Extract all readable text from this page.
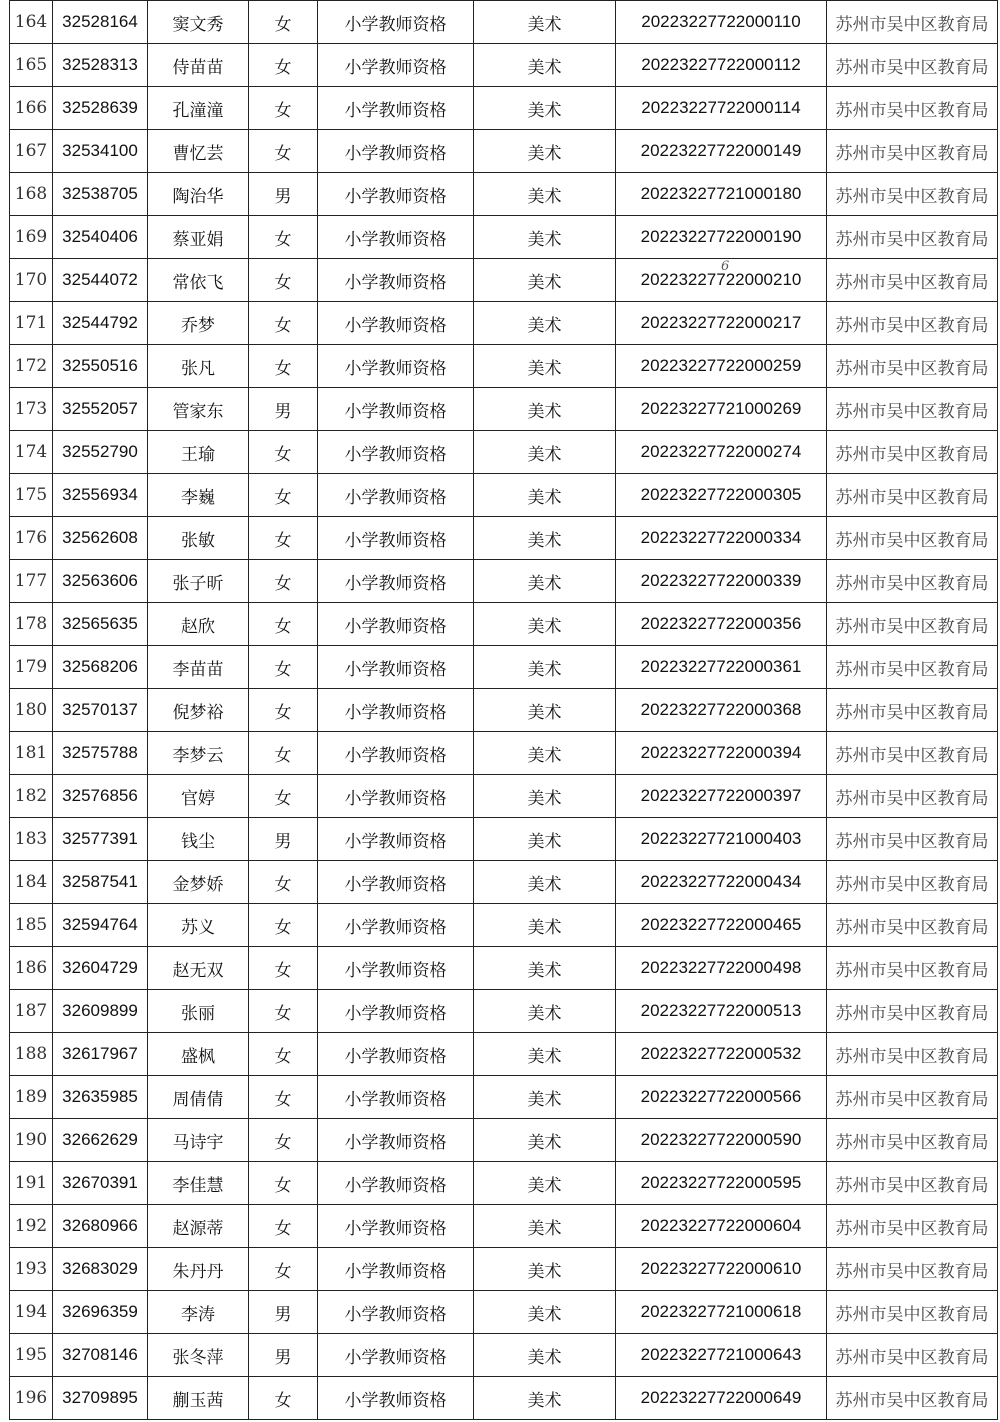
164	32528164	窦文秀	女	小学教师资格	美术	20223227722000110	苏州市吴中区教育局
165	32528313	侍苗苗	女	小学教师资格	美术	20223227722000112	苏州市吴中区教育局
166	32528639	孔潼潼	女	小学教师资格	美术	20223227722000114	苏州市吴中区教育局
167	32534100	曹忆芸	女	小学教师资格	美术	20223227722000149	苏州市吴中区教育局
168	32538705	陶治华	男	小学教师资格	美术	20223227721000180	苏州市吴中区教育局
169	32540406	蔡亚娟	女	小学教师资格	美术	20223227722000190	苏州市吴中区教育局
170	32544072	常依飞	女	小学教师资格	美术	20223227722000210	苏州市吴中区教育局
171	32544792	乔梦	女	小学教师资格	美术	20223227722000217	苏州市吴中区教育局
172	32550516	张凡	女	小学教师资格	美术	20223227722000259	苏州市吴中区教育局
173	32552057	管家东	男	小学教师资格	美术	20223227721000269	苏州市吴中区教育局
174	32552790	王瑜	女	小学教师资格	美术	20223227722000274	苏州市吴中区教育局
175	32556934	李巍	女	小学教师资格	美术	20223227722000305	苏州市吴中区教育局
176	32562608	张敏	女	小学教师资格	美术	20223227722000334	苏州市吴中区教育局
177	32563606	张子昕	女	小学教师资格	美术	20223227722000339	苏州市吴中区教育局
178	32565635	赵欣	女	小学教师资格	美术	20223227722000356	苏州市吴中区教育局
179	32568206	李苗苗	女	小学教师资格	美术	20223227722000361	苏州市吴中区教育局
180	32570137	倪梦裕	女	小学教师资格	美术	20223227722000368	苏州市吴中区教育局
181	32575788	李梦云	女	小学教师资格	美术	20223227722000394	苏州市吴中区教育局
182	32576856	官婷	女	小学教师资格	美术	20223227722000397	苏州市吴中区教育局
183	32577391	钱尘	男	小学教师资格	美术	20223227721000403	苏州市吴中区教育局
184	32587541	金梦娇	女	小学教师资格	美术	20223227722000434	苏州市吴中区教育局
185	32594764	苏义	女	小学教师资格	美术	20223227722000465	苏州市吴中区教育局
186	32604729	赵无双	女	小学教师资格	美术	20223227722000498	苏州市吴中区教育局
187	32609899	张丽	女	小学教师资格	美术	20223227722000513	苏州市吴中区教育局
188	32617967	盛枫	女	小学教师资格	美术	20223227722000532	苏州市吴中区教育局
189	32635985	周倩倩	女	小学教师资格	美术	20223227722000566	苏州市吴中区教育局
190	32662629	马诗宇	女	小学教师资格	美术	20223227722000590	苏州市吴中区教育局
191	32670391	李佳慧	女	小学教师资格	美术	20223227722000595	苏州市吴中区教育局
192	32680966	赵源蒂	女	小学教师资格	美术	20223227722000604	苏州市吴中区教育局
193	32683029	朱丹丹	女	小学教师资格	美术	20223227722000610	苏州市吴中区教育局
194	32696359	李涛	男	小学教师资格	美术	20223227721000618	苏州市吴中区教育局
195	32708146	张冬萍	男	小学教师资格	美术	20223227721000643	苏州市吴中区教育局
196	32709895	蒯玉茜	女	小学教师资格	美术	20223227722000649	苏州市吴中区教育局
6
